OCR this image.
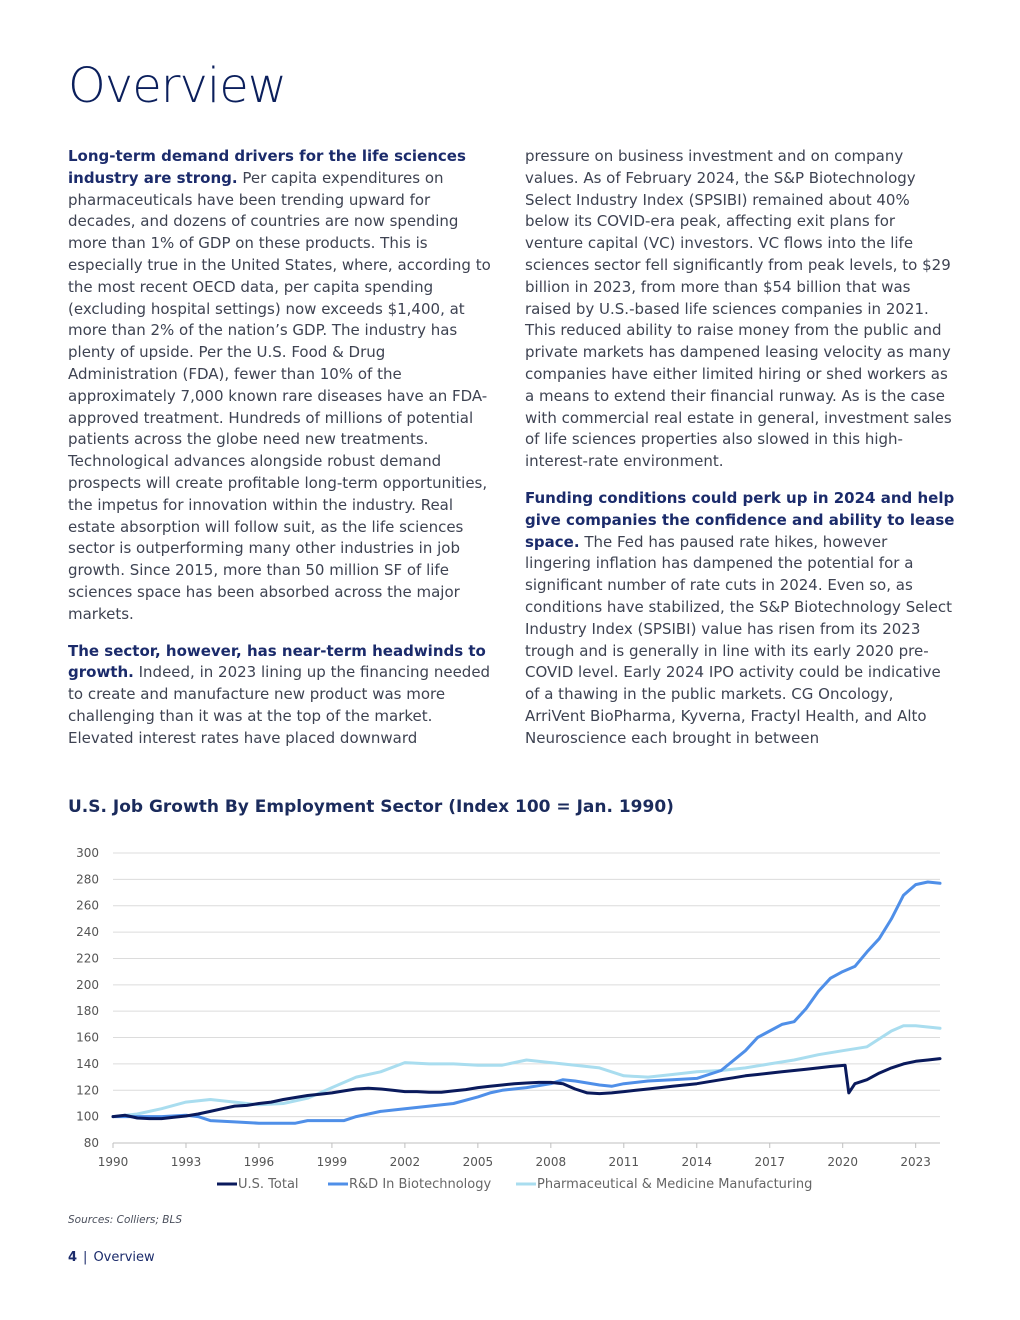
Overview

Long-term demand drivers for the life sciences industry are strong. Per capita expenditures on pharmaceuticals have been trending upward for decades, and dozens of countries are now spending more than 1% of GDP on these products. This is especially true in the United States, where, according to the most recent OECD data, per capita spending (excluding hospital settings) now exceeds $1,400, at more than 2% of the nation’s GDP. The industry has plenty of upside. Per the U.S. Food & Drug Administration (FDA), fewer than 10% of the approximately 7,000 known rare diseases have an FDA-approved treatment. Hundreds of millions of potential patients across the globe need new treatments. Technological advances alongside robust demand prospects will create profitable long-term opportunities, the impetus for innovation within the industry. Real estate absorption will follow suit, as the life sciences sector is outperforming many other industries in job growth. Since 2015, more than 50 million SF of life sciences space has been absorbed across the major markets.

The sector, however, has near-term headwinds to growth. Indeed, in 2023 lining up the financing needed to create and manufacture new product was more challenging than it was at the top of the market. Elevated interest rates have placed downward

pressure on business investment and on company values. As of February 2024, the S&P Biotechnology Select Industry Index (SPSIBI) remained about 40% below its COVID-era peak, affecting exit plans for venture capital (VC) investors. VC flows into the life sciences sector fell significantly from peak levels, to $29 billion in 2023, from more than $54 billion that was raised by U.S.-based life sciences companies in 2021. This reduced ability to raise money from the public and private markets has dampened leasing velocity as many companies have either limited hiring or shed workers as a means to extend their financial runway. As is the case with commercial real estate in general, investment sales of life sciences properties also slowed in this high-interest-rate environment.

Funding conditions could perk up in 2024 and help give companies the confidence and ability to lease space. The Fed has paused rate hikes, however lingering inflation has dampened the potential for a significant number of rate cuts in 2024. Even so, as conditions have stabilized, the S&P Biotechnology Select Industry Index (SPSIBI) value has risen from its 2023 trough and is generally in line with its early 2020 pre-COVID level. Early 2024 IPO activity could be indicative of a thawing in the public markets. CG Oncology, ArriVent BioPharma, Kyverna, Fractyl Health, and Alto Neuroscience each brought in between

U.S. Job Growth By Employment Sector (Index 100 = Jan. 1990)
80
100
120
140
160
180
200
220
240
260
280
300
1990	1993	1996	1999	2002	2005	2008	2011	2014	2017	2020	2023
U.S. Total	R&D In Biotechnology	Pharmaceutical & Medicine Manufacturing
Sources: Colliers; BLS
4 | Overview
